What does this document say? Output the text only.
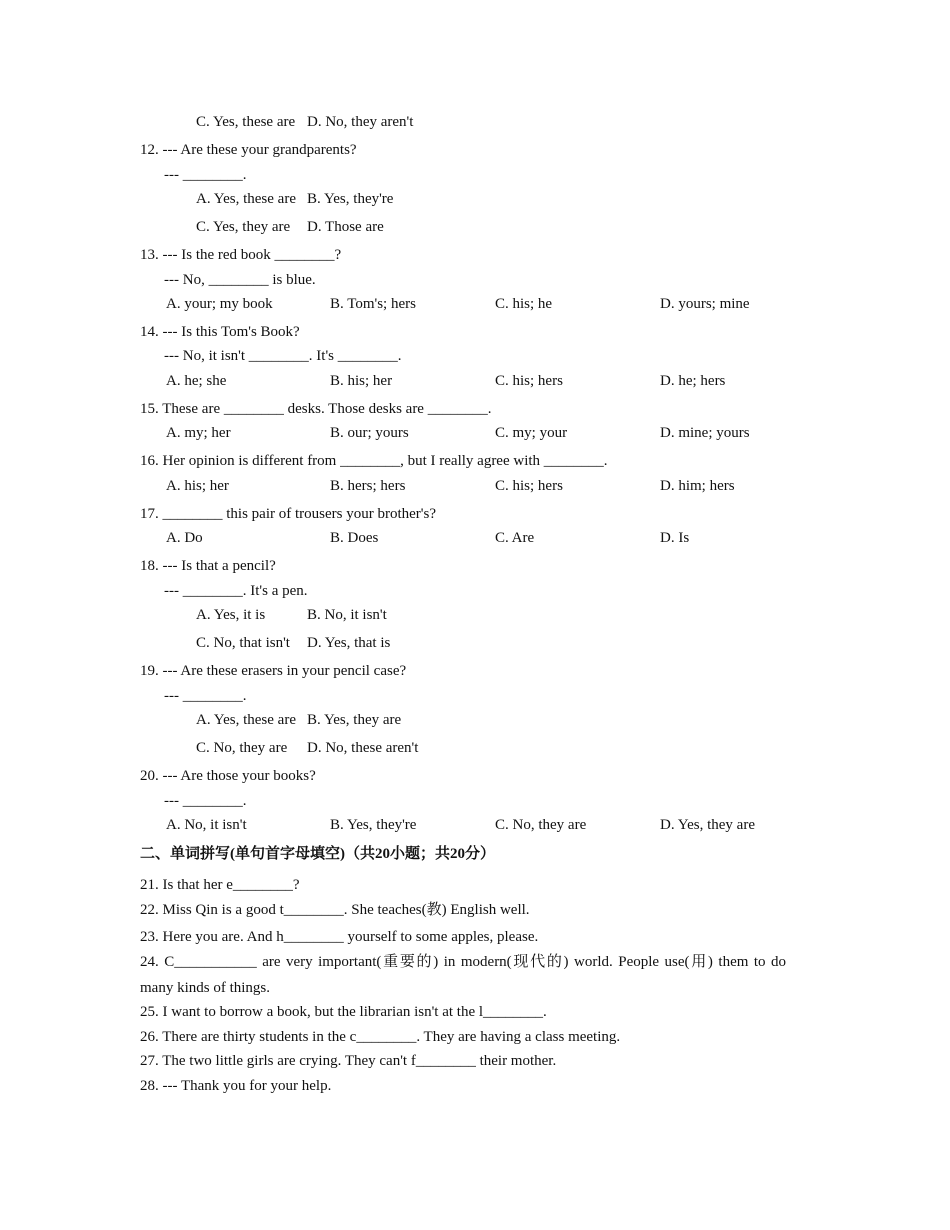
C. Yes, these are D. No, they aren't
12. --- Are these your grandparents?
--- ________.
A. Yes, these are B. Yes, they're
C. Yes, they are D. Those are
13. --- Is the red book ________?
--- No, ________ is blue.
A. your; my book	B. Tom's; hers	C. his; he	D. yours; mine
14. --- Is this Tom's Book?
--- No, it isn't ________. It's ________.
A. he; she	B. his; her	C. his; hers	D. he; hers
15. These are ________ desks. Those desks are ________.
A. my; her	B. our; yours	C. my; your	D. mine; yours
16. Her opinion is different from ________, but I really agree with ________.
A. his; her	B. hers; hers	C. his; hers	D. him; hers
17. ________ this pair of trousers your brother's?
A. Do	B. Does	C. Are	D. Is
18. --- Is that a pencil?
--- ________. It's a pen.
A. Yes, it is	B. No, it isn't
C. No, that isn't D. Yes, that is
19. --- Are these erasers in your pencil case?
--- ________.
A. Yes, these are B. Yes, they are
C. No, they are D. No, these aren't
20. --- Are those your books?
--- ________.
A. No, it isn't	B. Yes, they're	C. No, they are	D. Yes, they are
二、单词拼写(单句首字母填空)（共20小题；共20分）
21. Is that her e________?
22. Miss Qin is a good t________. She teaches(教) English well.
23. Here you are. And h________ yourself to some apples, please.
24. C___________ are very important(重要的) in modern(现代的) world. People use(用) them to do
many kinds of things.
25. I want to borrow a book, but the librarian isn't at the l________.
26. There are thirty students in the c________. They are having a class meeting.
27. The two little girls are crying. They can't f________ their mother.
28. --- Thank you for your help.
